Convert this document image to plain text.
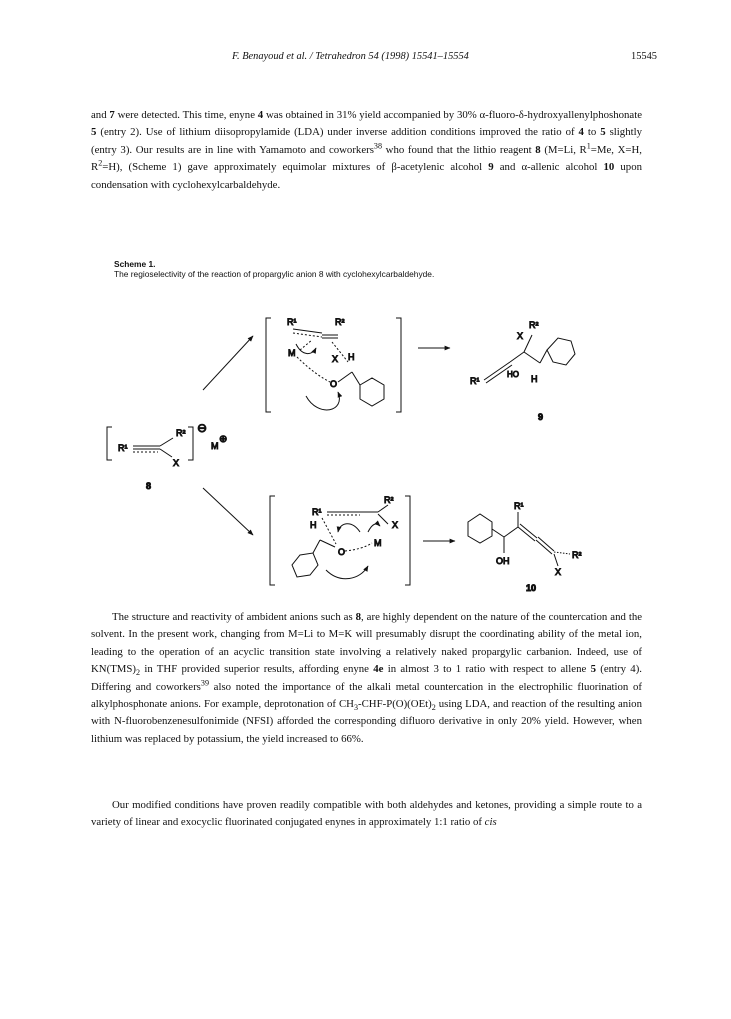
F. Benayoud et al. / Tetrahedron 54 (1998) 15541–15554	15545

and 7 were detected. This time, enyne 4 was obtained in 31% yield accompanied by 30% α-fluoro-δ-hydroxyallenylphoshonate 5 (entry 2). Use of lithium diisopropylamide (LDA) under inverse addition conditions improved the ratio of 4 to 5 slightly (entry 3). Our results are in line with Yamamoto and coworkers$^{38}$ who found that the lithio reagent 8 (M=Li, $R^1=Me$, X=H, $R^2=H$), (Scheme 1) gave approximately equimolar mixtures of β-acetylenic alcohol 9 and α-allenic alcohol 10 upon condensation with cyclohexylcarbaldehyde.

Scheme 1.
The regioselectivity of the reaction of propargylic anion 8 with cyclohexylcarbaldehyde.
R¹
R²
X
⊖
M
⊕
8
R¹	R²
M
X H
O	R¹
X
R²
HO H
9
R¹
H
R²
X
M
O
OH
R¹
R²
X
10

The structure and reactivity of ambident anions such as 8, are highly dependent on the nature of the countercation and the solvent. In the present work, changing from M=Li to M=K will presumably disrupt the coordinating ability of the metal ion, leading to the operation of an acyclic transition state involving a relatively naked propargylic carbanion. Indeed, use of $KN(TMS)_2$ in THF provided superior results, affording enyne 4e in almost 3 to 1 ratio with respect to allene 5 (entry 4). Differing and coworkers$^{39}$ also noted the importance of the alkali metal countercation in the electrophilic fluorination of alkylphosphonate anions. For example, deprotonation of $CH_3-CHF-P(O)(OEt)_2$ using LDA, and reaction of the resulting anion with N-fluorobenzenesulfonimide (NFSI) afforded the corresponding difluoro derivative in only 20% yield. However, when lithium was replaced by potassium, the yield increased to 66%.

Our modified conditions have proven readily compatible with both aldehydes and ketones, providing a simple route to a variety of linear and exocyclic fluorinated conjugated enynes in approximately 1:1 ratio of cis
